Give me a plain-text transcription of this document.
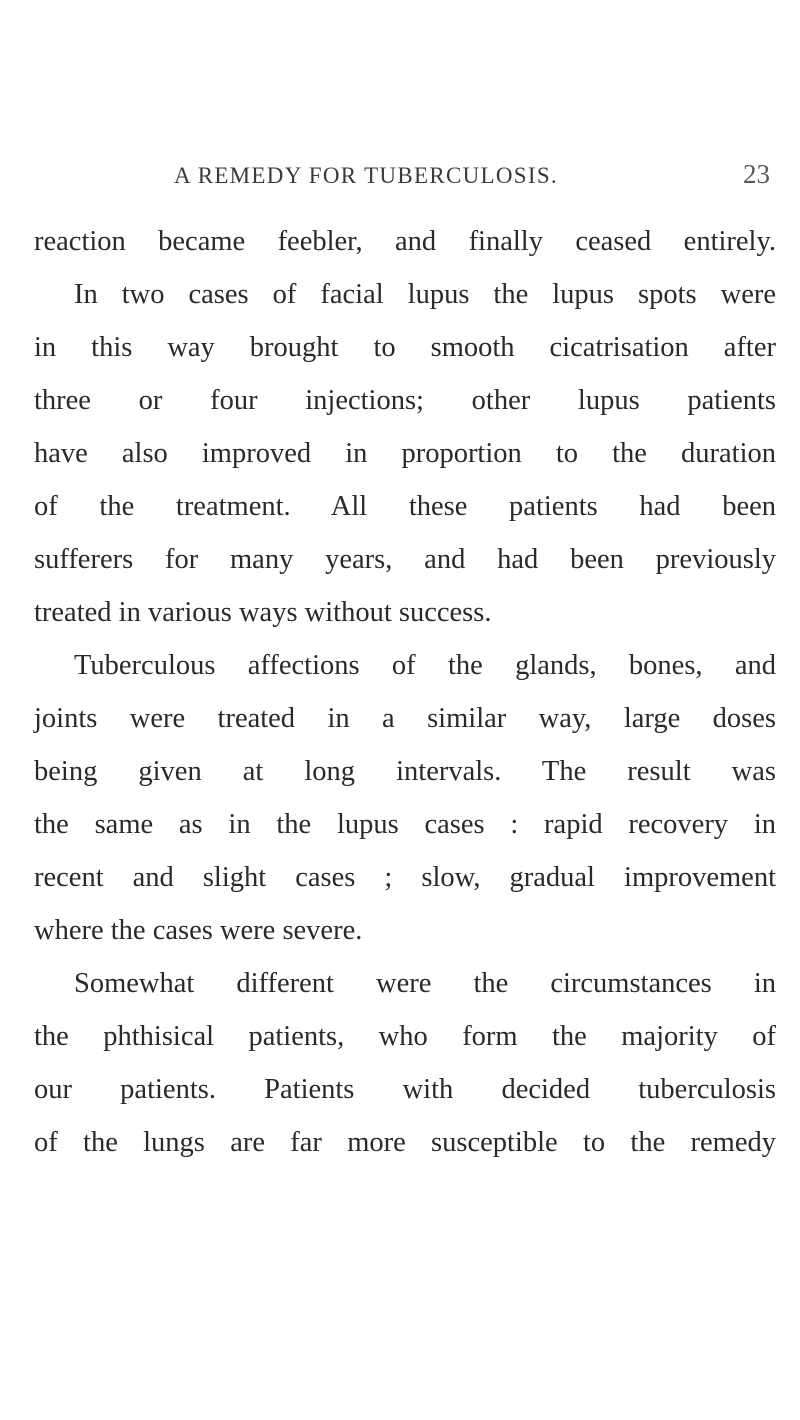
A REMEDY FOR TUBERCULOSIS.	23
reaction became feebler, and finally ceased entirely.
In two cases of facial lupus the lupus spots were
in this way brought to smooth cicatrisation after
three or four injections; other lupus patients
have also improved in proportion to the duration
of the treatment. All these patients had been
sufferers for many years, and had been previously
treated in various ways without success.
Tuberculous affections of the glands, bones, and
joints were treated in a similar way, large doses
being given at long intervals. The result was
the same as in the lupus cases : rapid recovery in
recent and slight cases ; slow, gradual improvement
where the cases were severe.
Somewhat different were the circumstances in
the phthisical patients, who form the majority of
our patients. Patients with decided tuberculosis
of the lungs are far more susceptible to the remedy
